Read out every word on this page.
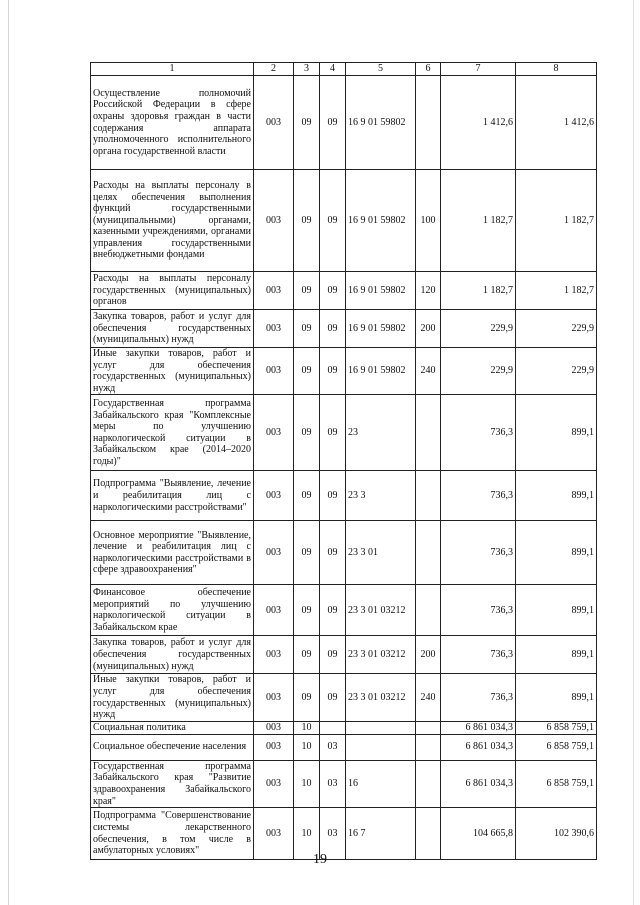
1	2	3	4	5	6	7	8
Осуществление полномочий Российской Федерации в сфере охраны здоровья граждан в части содержания аппарата уполномоченного исполнительного органа государственной власти	003	09	09	16 9 01 59802		1 412,6	1 412,6
Расходы на выплаты персоналу в целях обеспечения выполнения функций государственными (муниципальными) органами, казенными учреждениями, органами управления государственными внебюджетными фондами	003	09	09	16 9 01 59802	100	1 182,7	1 182,7
Расходы на выплаты персоналу государственных (муниципальных) органов	003	09	09	16 9 01 59802	120	1 182,7	1 182,7
Закупка товаров, работ и услуг для обеспечения государственных (муниципальных) нужд	003	09	09	16 9 01 59802	200	229,9	229,9
Иные закупки товаров, работ и услуг для обеспечения государственных (муниципальных) нужд	003	09	09	16 9 01 59802	240	229,9	229,9
Государственная программа Забайкальского края "Комплексные меры по улучшению наркологической ситуации в Забайкальском крае (2014–2020 годы)"	003	09	09	23		736,3	899,1
Подпрограмма "Выявление, лечение и реабилитация лиц с наркологическими расстройствами"	003	09	09	23 3		736,3	899,1
Основное мероприятие "Выявление, лечение и реабилитация лиц с наркологическими расстройствами в сфере здравоохранения"	003	09	09	23 3 01		736,3	899,1
Финансовое обеспечение мероприятий по улучшению наркологической ситуации в Забайкальском крае	003	09	09	23 3 01 03212		736,3	899,1
Закупка товаров, работ и услуг для обеспечения государственных (муниципальных) нужд	003	09	09	23 3 01 03212	200	736,3	899,1
Иные закупки товаров, работ и услуг для обеспечения государственных (муниципальных) нужд	003	09	09	23 3 01 03212	240	736,3	899,1
Социальная политика	003	10				6 861 034,3	6 858 759,1
Социальное обеспечение населения	003	10	03			6 861 034,3	6 858 759,1
Государственная программа Забайкальского края "Развитие здравоохранения Забайкальского края"	003	10	03	16		6 861 034,3	6 858 759,1
Подпрограмма "Совершенствование системы лекарственного обеспечения, в том числе в амбулаторных условиях"	003	10	03	16 7		104 665,8	102 390,6
19
